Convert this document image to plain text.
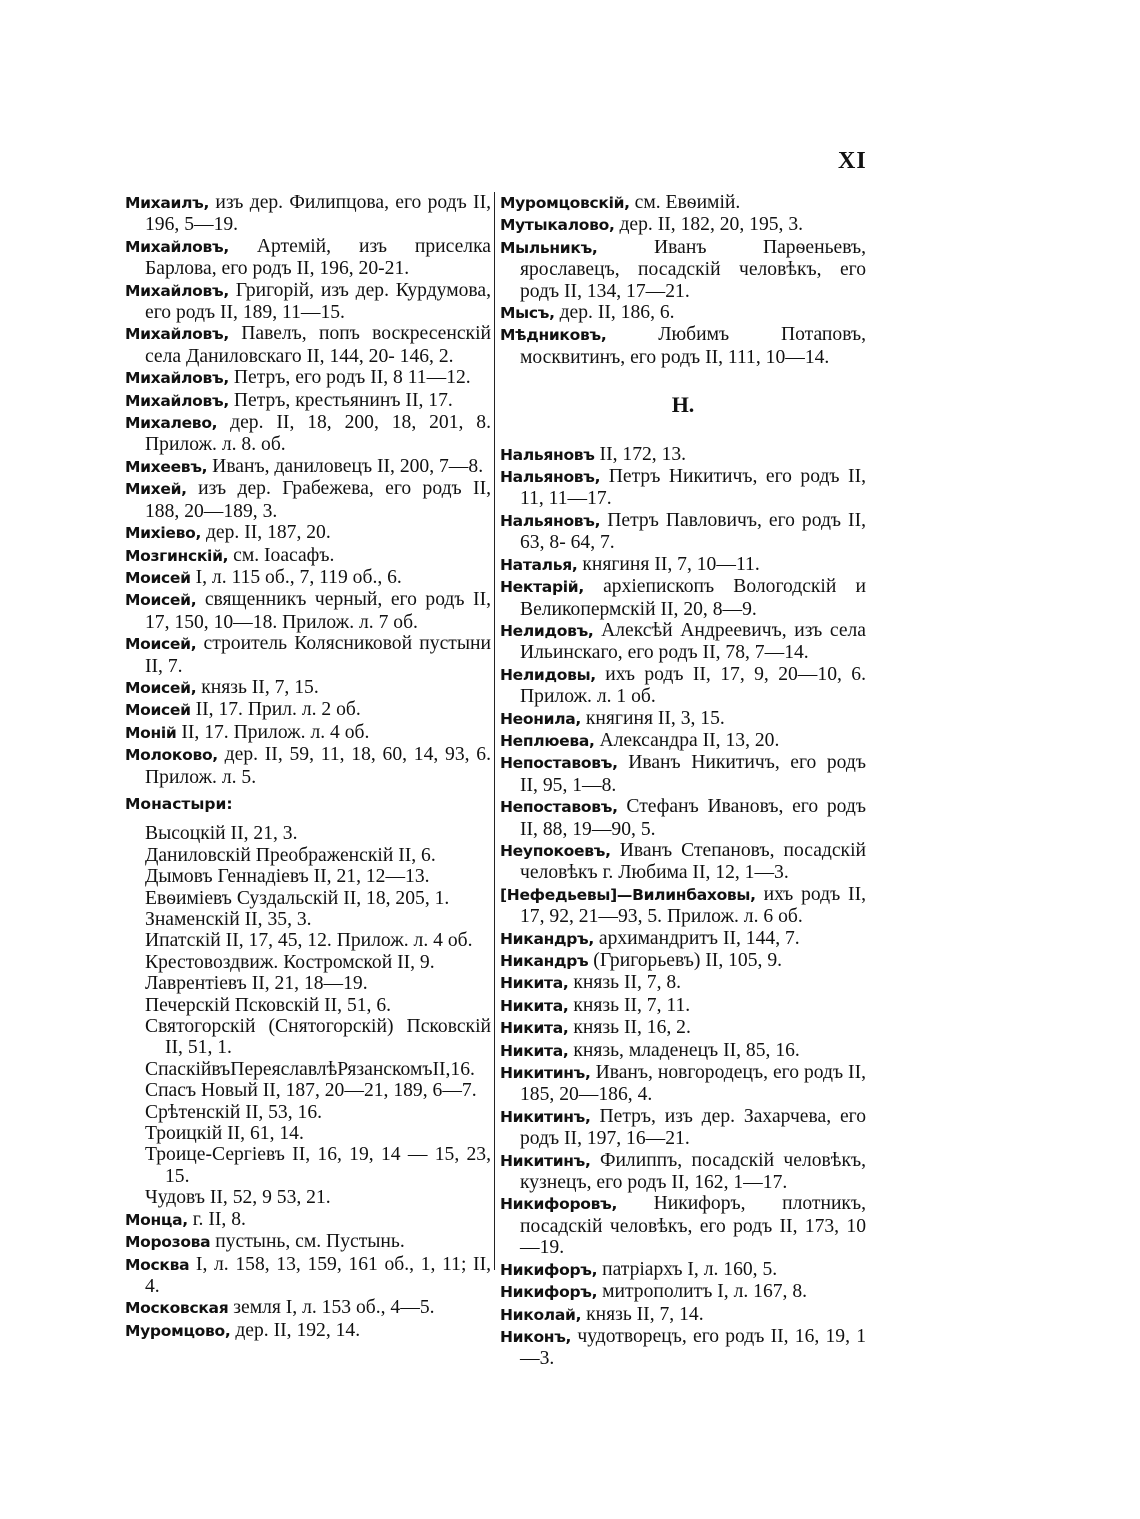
XI
Михаилъ, изъ дер. Филипцова, его родъ II, 196, 5—19.
Михайловъ, Артемій, изъ приселка Барлова, его родъ II, 196, 20-21.
Михайловъ, Григорій, изъ дер. Курдумова, его родъ II, 189, 11—15.
Михайловъ, Павелъ, попъ воскресенскій села Даниловскаго II, 144, 20- 146, 2.
Михайловъ, Петръ, его родъ II, 8 11—12.
Михайловъ, Петръ, крестьянинъ II, 17.
Михалево, дер. II, 18, 200, 18, 201, 8. Прилож. л. 8. об.
Михеевъ, Иванъ, даниловецъ II, 200, 7—8.
Михей, изъ дер. Грабежева, его родъ II, 188, 20—189, 3.
Михіево, дер. II, 187, 20.
Мозгинскій, см. Іоасафъ.
Моисей I, л. 115 об., 7, 119 об., 6.
Моисей, священникъ черный, его родъ II, 17, 150, 10—18. Прилож. л. 7 об.
Моисей, строитель Колясниковой пустыни II, 7.
Моисей, князь II, 7, 15.
Моисей II, 17. Прил. л. 2 об.
Моній II, 17. Прилож. л. 4 об.
Молоково, дер. II, 59, 11, 18, 60, 14, 93, 6. Прилож. л. 5.
Монастыри:
Высоцкій II, 21, 3.
Даниловскій Преображенскій II, 6.
Дымовъ Геннадіевъ II, 21, 12—13.
Евѳиміевъ Суздальскій II, 18, 205, 1.
Знаменскій II, 35, 3.
Ипатскій II, 17, 45, 12. Прилож. л. 4 об.
Крестовоздвиж. Костромской II, 9.
Лаврентіевъ II, 21, 18—19.
Печерскій Псковскій II, 51, 6.
Святогорскій (Снятогорскій) Псковскій II, 51, 1.
СпаскійвъПереяславлѣРязанскомъII,16.
Спасъ Новый II, 187, 20—21, 189, 6—7.
Срѣтенскій II, 53, 16.
Троицкій II, 61, 14.
Троице-Сергіевъ II, 16, 19, 14 — 15, 23, 15.
Чудовъ II, 52, 9 53, 21.
Монца, г. II, 8.
Морозова пустынь, см. Пустынь.
Москва I, л. 158, 13, 159, 161 об., 1, 11; II, 4.
Московская земля I, л. 153 об., 4—5.
Муромцово, дер. II, 192, 14.
Муромцовскій, см. Евѳимій.
Мутыкалово, дер. II, 182, 20, 195, 3.
Мыльникъ, Иванъ Парѳеньевъ, ярославецъ, посадскій человѣкъ, его родъ II, 134, 17—21.
Мысъ, дер. II, 186, 6.
Мѣдниковъ, Любимъ Потаповъ, москвитинъ, его родъ II, 111, 10—14.
Н.
Нальяновъ II, 172, 13.
Нальяновъ, Петръ Никитичъ, его родъ II, 11, 11—17.
Нальяновъ, Петръ Павловичъ, его родъ II, 63, 8- 64, 7.
Наталья, княгиня II, 7, 10—11.
Нектарій, архіепископъ Вологодскій и Великопермскій II, 20, 8—9.
Нелидовъ, Алексѣй Андреевичъ, изъ села Ильинскаго, его родъ II, 78, 7—14.
Нелидовы, ихъ родъ II, 17, 9, 20—10, 6. Прилож. л. 1 об.
Неонила, княгиня II, 3, 15.
Неплюева, Александра II, 13, 20.
Непоставовъ, Иванъ Никитичъ, его родъ II, 95, 1—8.
Непоставовъ, Стефанъ Ивановъ, его родъ II, 88, 19—90, 5.
Неупокоевъ, Иванъ Степановъ, посадскій человѣкъ г. Любима II, 12, 1—3.
[Нефедьевы]—Вилинбаховы, ихъ родъ II, 17, 92, 21—93, 5. Прилож. л. 6 об.
Никандръ, архимандритъ II, 144, 7.
Никандръ (Григорьевъ) II, 105, 9.
Никита, князь II, 7, 8.
Никита, князь II, 7, 11.
Никита, князь II, 16, 2.
Никита, князь, младенецъ II, 85, 16.
Никитинъ, Иванъ, новгородецъ, его родъ II, 185, 20—186, 4.
Никитинъ, Петръ, изъ дер. Захарчева, его родъ II, 197, 16—21.
Никитинъ, Филиппъ, посадскій человѣкъ, кузнецъ, его родъ II, 162, 1—17.
Никифоровъ, Никифоръ, плотникъ, посадскій человѣкъ, его родъ II, 173, 10—19.
Никифоръ, патріархъ I, л. 160, 5.
Никифоръ, митрополитъ I, л. 167, 8.
Николай, князь II, 7, 14.
Никонъ, чудотворецъ, его родъ II, 16, 19, 1—3.
